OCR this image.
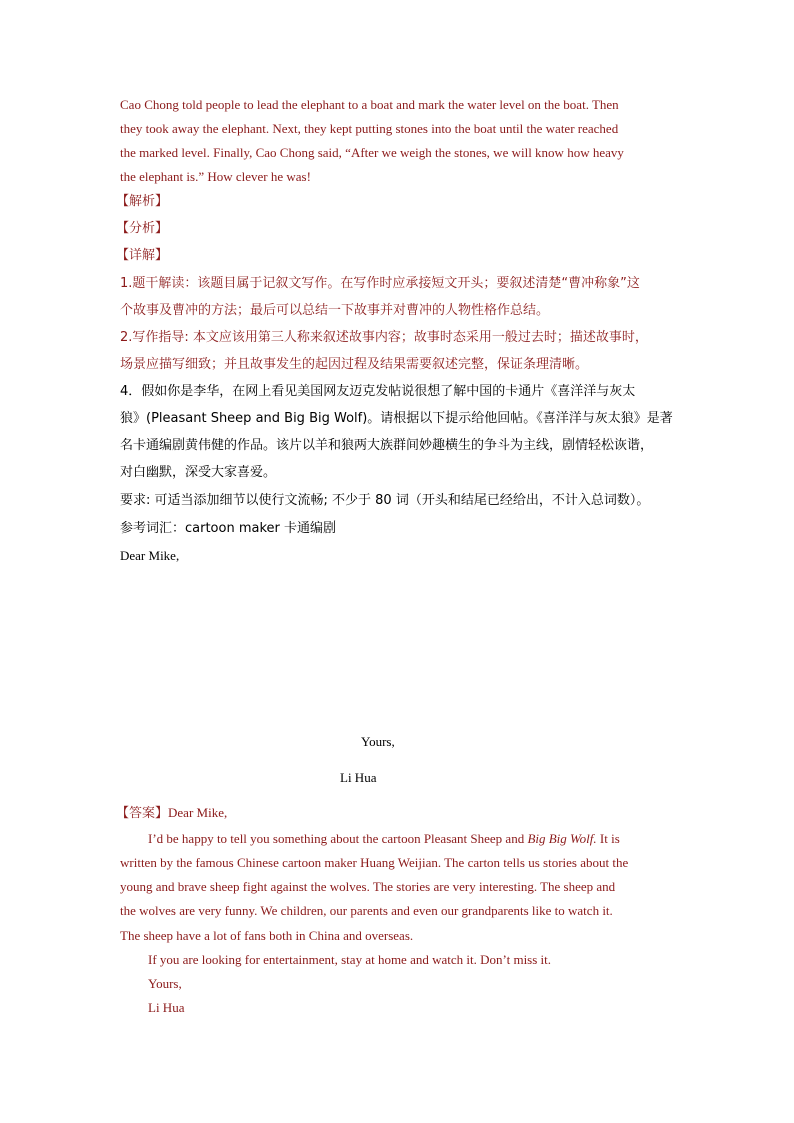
Cao Chong told people to lead the elephant to a boat and mark the water level on the boat. Then
they took away the elephant. Next, they kept putting stones into the boat until the water reached
the marked level. Finally, Cao Chong said, “After we weigh the stones, we will know how heavy
the elephant is.” How clever he was!
【解析】
【分析】
【详解】
1.题干解读：该题目属于记叙文写作。在写作时应承接短文开头；要叙述清楚“曹冲称象”这
个故事及曹冲的方法；最后可以总结一下故事并对曹冲的人物性格作总结。
2.写作指导: 本文应该用第三人称来叙述故事内容；故事时态采用一般过去时；描述故事时，
场景应描写细致；并且故事发生的起因过程及结果需要叙述完整，保证条理清晰。
4．假如你是李华，在网上看见美国网友迈克发帖说很想了解中国的卡通片《喜洋洋与灰太
狼》(Pleasant Sheep and Big Big Wolf)。请根据以下提示给他回帖。《喜洋洋与灰太狼》是著
名卡通编剧黄伟健的作品。该片以羊和狼两大族群间妙趣横生的争斗为主线，剧情轻松诙谐，
对白幽默，深受大家喜爱。
要求: 可适当添加细节以使行文流畅; 不少于 80 词（开头和结尾已经给出，不计入总词数）。
参考词汇：cartoon maker 卡通编剧
Dear Mike,
Yours,
Li Hua
【答案】Dear Mike,
I’d be happy to tell you something about the cartoon Pleasant Sheep and Big Big Wolf. It is
written by the famous Chinese cartoon maker Huang Weijian. The carton tells us stories about the
young and brave sheep fight against the wolves. The stories are very interesting. The sheep and
the wolves are very funny. We children, our parents and even our grandparents like to watch it.
The sheep have a lot of fans both in China and overseas.
If you are looking for entertainment, stay at home and watch it. Don’t miss it.
Yours,
Li Hua
